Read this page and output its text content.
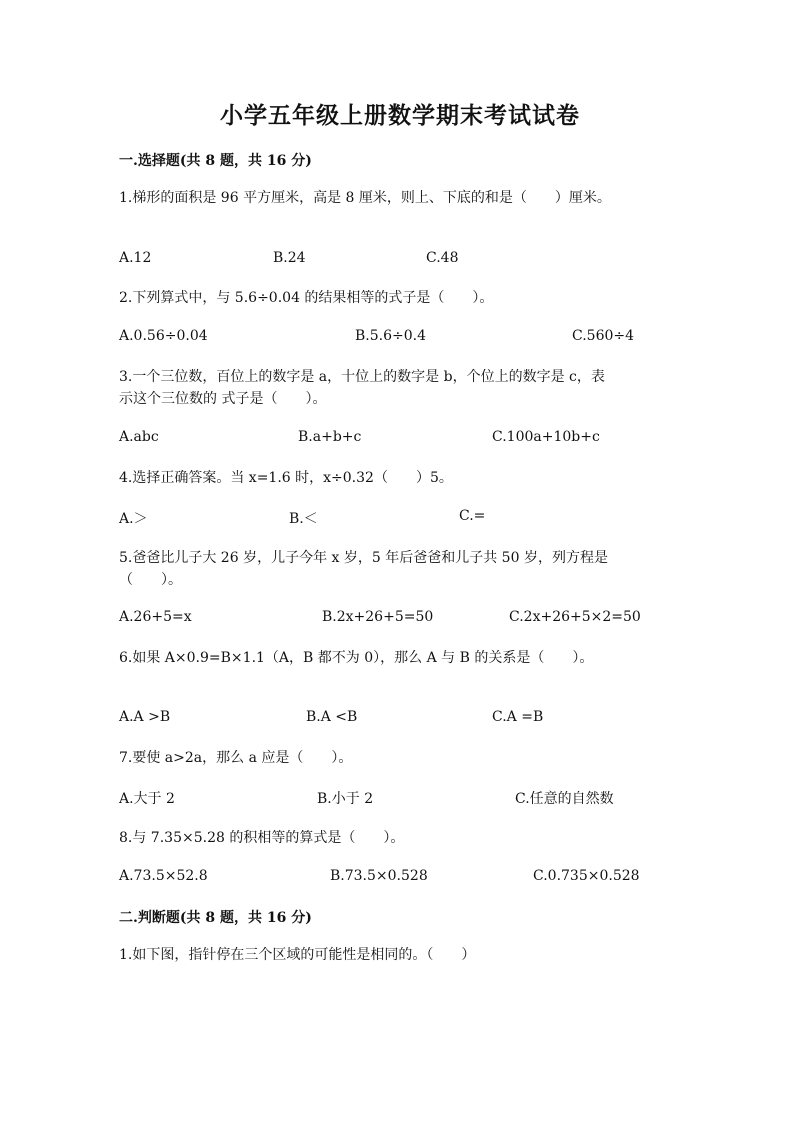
小学五年级上册数学期末考试试卷
一.选择题(共 8 题，共 16 分)
1.梯形的面积是 96 平方厘米，高是 8 厘米，则上、下底的和是（　　）厘米。
A.12	B.24	C.48
2.下列算式中，与 5.6÷0.04 的结果相等的式子是（　　）。
A.0.56÷0.04	B.5.6÷0.4	C.560÷4
3.一个三位数，百位上的数字是 a，十位上的数字是 b，个位上的数字是 c，表
示这个三位数的 式子是（　　）。
A.abc	B.a+b+c	C.100a+10b+c
4.选择正确答案。当 x=1.6 时，x÷0.32（　　）5。
A.＞	B.＜	C.=
5.爸爸比儿子大 26 岁，儿子今年 x 岁，5 年后爸爸和儿子共 50 岁，列方程是
（　　）。
A.26+5=x	B.2x+26+5=50	C.2x+26+5×2=50
6.如果 A×0.9=B×1.1（A，B 都不为 0），那么 A 与 B 的关系是（　　）。
A.A >B	B.A <B	C.A =B
7.要使 a>2a，那么 a 应是（　　）。
A.大于 2	B.小于 2	C.任意的自然数
8.与 7.35×5.28 的积相等的算式是（　　）。
A.73.5×52.8	B.73.5×0.528	C.0.735×0.528
二.判断题(共 8 题，共 16 分)
1.如下图，指针停在三个区域的可能性是相同的。（　　）
